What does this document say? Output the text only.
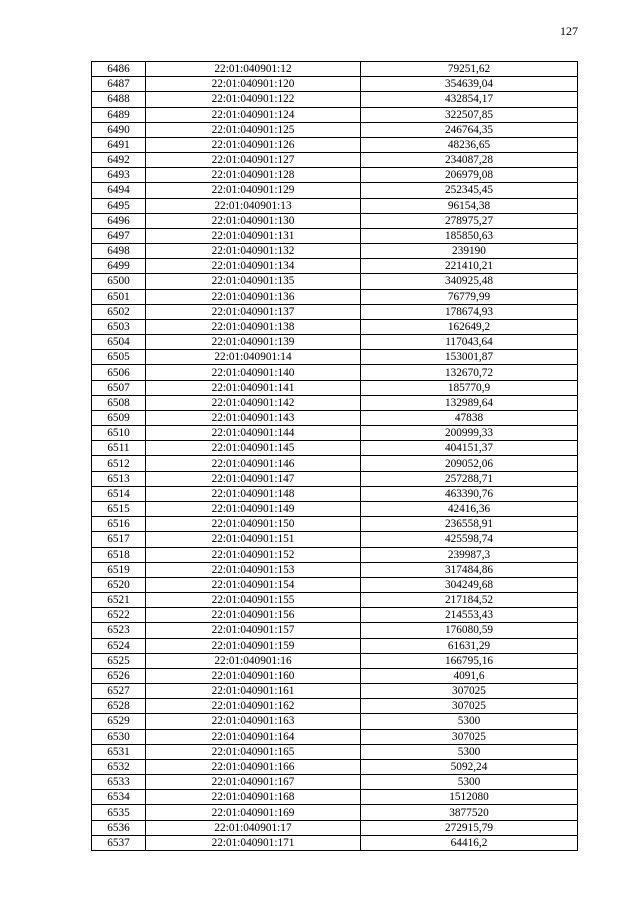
127
6486	22:01:040901:12	79251,62
6487	22:01:040901:120	354639,04
6488	22:01:040901:122	432854,17
6489	22:01:040901:124	322507,85
6490	22:01:040901:125	246764,35
6491	22:01:040901:126	48236,65
6492	22:01:040901:127	234087,28
6493	22:01:040901:128	206979,08
6494	22:01:040901:129	252345,45
6495	22:01:040901:13	96154,38
6496	22:01:040901:130	278975,27
6497	22:01:040901:131	185850,63
6498	22:01:040901:132	239190
6499	22:01:040901:134	221410,21
6500	22:01:040901:135	340925,48
6501	22:01:040901:136	76779,99
6502	22:01:040901:137	178674,93
6503	22:01:040901:138	162649,2
6504	22:01:040901:139	117043,64
6505	22:01:040901:14	153001,87
6506	22:01:040901:140	132670,72
6507	22:01:040901:141	185770,9
6508	22:01:040901:142	132989,64
6509	22:01:040901:143	47838
6510	22:01:040901:144	200999,33
6511	22:01:040901:145	404151,37
6512	22:01:040901:146	209052,06
6513	22:01:040901:147	257288,71
6514	22:01:040901:148	463390,76
6515	22:01:040901:149	42416,36
6516	22:01:040901:150	236558,91
6517	22:01:040901:151	425598,74
6518	22:01:040901:152	239987,3
6519	22:01:040901:153	317484,86
6520	22:01:040901:154	304249,68
6521	22:01:040901:155	217184,52
6522	22:01:040901:156	214553,43
6523	22:01:040901:157	176080,59
6524	22:01:040901:159	61631,29
6525	22:01:040901:16	166795,16
6526	22:01:040901:160	4091,6
6527	22:01:040901:161	307025
6528	22:01:040901:162	307025
6529	22:01:040901:163	5300
6530	22:01:040901:164	307025
6531	22:01:040901:165	5300
6532	22:01:040901:166	5092,24
6533	22:01:040901:167	5300
6534	22:01:040901:168	1512080
6535	22:01:040901:169	3877520
6536	22:01:040901:17	272915,79
6537	22:01:040901:171	64416,2
